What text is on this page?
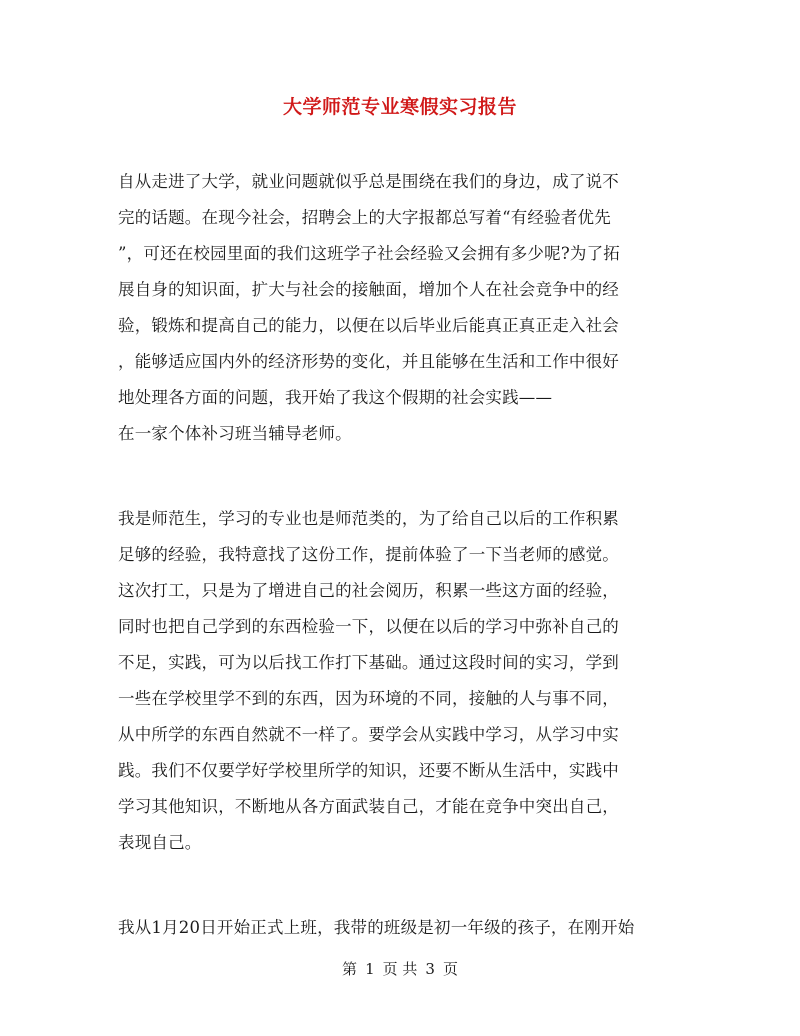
大学师范专业寒假实习报告
自从走进了大学，就业问题就似乎总是围绕在我们的身边，成了说不
完的话题。在现今社会，招聘会上的大字报都总写着“有经验者优先
”，可还在校园里面的我们这班学子社会经验又会拥有多少呢?为了拓
展自身的知识面，扩大与社会的接触面，增加个人在社会竞争中的经
验，锻炼和提高自己的能力，以便在以后毕业后能真正真正走入社会
，能够适应国内外的经济形势的变化，并且能够在生活和工作中很好
地处理各方面的问题，我开始了我这个假期的社会实践——
在一家个体补习班当辅导老师。
我是师范生，学习的专业也是师范类的，为了给自己以后的工作积累
足够的经验，我特意找了这份工作，提前体验了一下当老师的感觉。
这次打工，只是为了增进自己的社会阅历，积累一些这方面的经验，
同时也把自己学到的东西检验一下，以便在以后的学习中弥补自己的
不足，实践，可为以后找工作打下基础。通过这段时间的实习，学到
一些在学校里学不到的东西，因为环境的不同，接触的人与事不同，
从中所学的东西自然就不一样了。要学会从实践中学习，从学习中实
践。我们不仅要学好学校里所学的知识，还要不断从生活中，实践中
学习其他知识，不断地从各方面武装自己，才能在竞争中突出自己，
表现自己。
我从1月20日开始正式上班，我带的班级是初一年级的孩子，在刚开始
第 1 页 共 3 页
